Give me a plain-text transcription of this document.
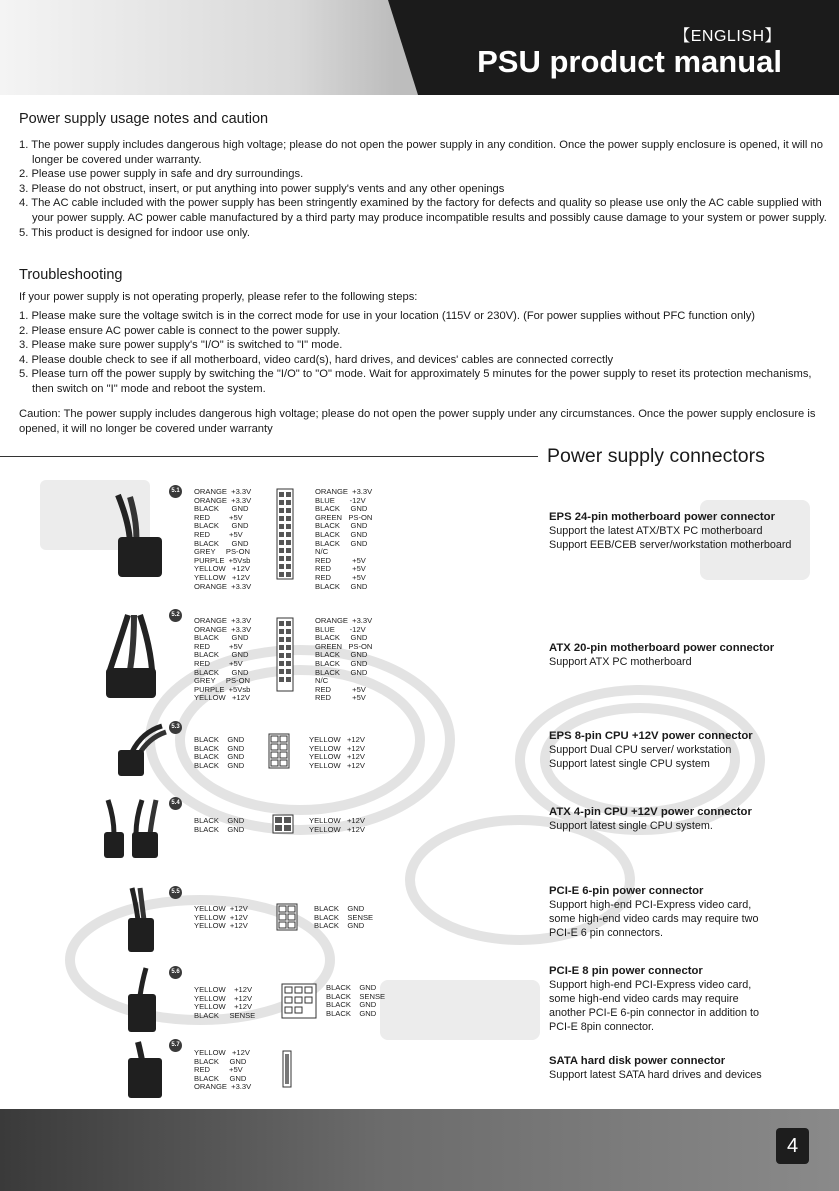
【ENGLISH】
PSU product manual
Power supply usage notes and caution
1. The power supply includes dangerous high voltage; please do not open the power supply in any condition. Once the power supply enclosure is opened, it will no longer be covered under warranty.
2. Please use power supply in safe and dry surroundings.
3. Please do not obstruct, insert, or put anything into power supply's vents and any other openings
4. The AC cable included with the power supply has been stringently examined by the factory for defects and quality so please use only the AC cable supplied with your power supply. AC power cable manufactured by a third party may produce incompatible results and possibly cause damage to your system or power supply.
5. This product is designed for indoor use only.
Troubleshooting
If your power supply is not operating properly, please refer to the following steps:
1. Please make sure the voltage switch is in the correct mode for use in your location (115V or 230V). (For power supplies without PFC function only)
2. Please ensure AC power cable is connect to the power supply.
3. Please make sure power supply's "I/O" is switched to "I" mode.
4. Please double check to see if all motherboard, video card(s), hard drives, and devices' cables are connected correctly
5. Please turn off the power supply by switching the "I/O" to "O" mode. Wait for approximately 5 minutes for the power supply to reset its protection mechanisms, then switch on "I" mode and reboot the system.
Caution: The power supply includes dangerous high voltage; please do not open the power supply under any circumstances. Once the power supply enclosure is opened, it will no longer be covered under warranty
Power supply connectors
5.1	ORANGE  +3.3V
ORANGE  +3.3V
BLACK      GND
RED         +5V
BLACK      GND
RED         +5V
BLACK      GND
GREY     PS-ON
PURPLE  +5Vsb
YELLOW   +12V
YELLOW   +12V
ORANGE  +3.3V
ORANGE  +3.3V
BLUE       -12V
BLACK     GND
GREEN   PS-ON
BLACK     GND
BLACK     GND
BLACK     GND
N/C
RED          +5V
RED          +5V
RED          +5V
BLACK     GND
EPS 24-pin motherboard power connector
Support the latest ATX/BTX PC motherboard
Support EEB/CEB server/workstation motherboard
5.2
ORANGE  +3.3V
ORANGE  +3.3V
BLACK      GND
RED         +5V
BLACK      GND
RED         +5V
BLACK      GND
GREY     PS-ON
PURPLE  +5Vsb
YELLOW   +12V
ORANGE  +3.3V
BLUE       -12V
BLACK     GND
GREEN   PS-ON
BLACK     GND
BLACK     GND
BLACK     GND
N/C
RED          +5V
RED          +5V
ATX 20-pin motherboard power connector
Support ATX PC motherboard
5.3
BLACK    GND
BLACK    GND
BLACK    GND
BLACK    GND
YELLOW   +12V
YELLOW   +12V
YELLOW   +12V
YELLOW   +12V
EPS 8-pin CPU +12V power connector
Support Dual CPU server/ workstation
Support latest single CPU system
5.4
BLACK    GND
BLACK    GND
YELLOW   +12V
YELLOW   +12V
ATX 4-pin CPU +12V power connector
Support latest single CPU system.
5.5
YELLOW  +12V
YELLOW  +12V
YELLOW  +12V
BLACK    GND
BLACK    SENSE
BLACK    GND
PCI-E 6-pin power connector
Support high-end PCI-Express video card,
some high-end video cards may require two
PCI-E 6 pin connectors.
5.6
YELLOW    +12V
YELLOW    +12V
YELLOW    +12V
BLACK     SENSE
BLACK    GND
BLACK    SENSE
BLACK    GND
BLACK    GND
PCI-E 8 pin power connector
Support high-end PCI-Express video card,
some high-end video cards may require
another PCI-E 6-pin connector in addition to
PCI-E 8pin connector.
5.7
YELLOW   +12V
BLACK     GND
RED         +5V
BLACK     GND
ORANGE  +3.3V
SATA hard disk power connector
Support latest SATA hard drives and devices
4
